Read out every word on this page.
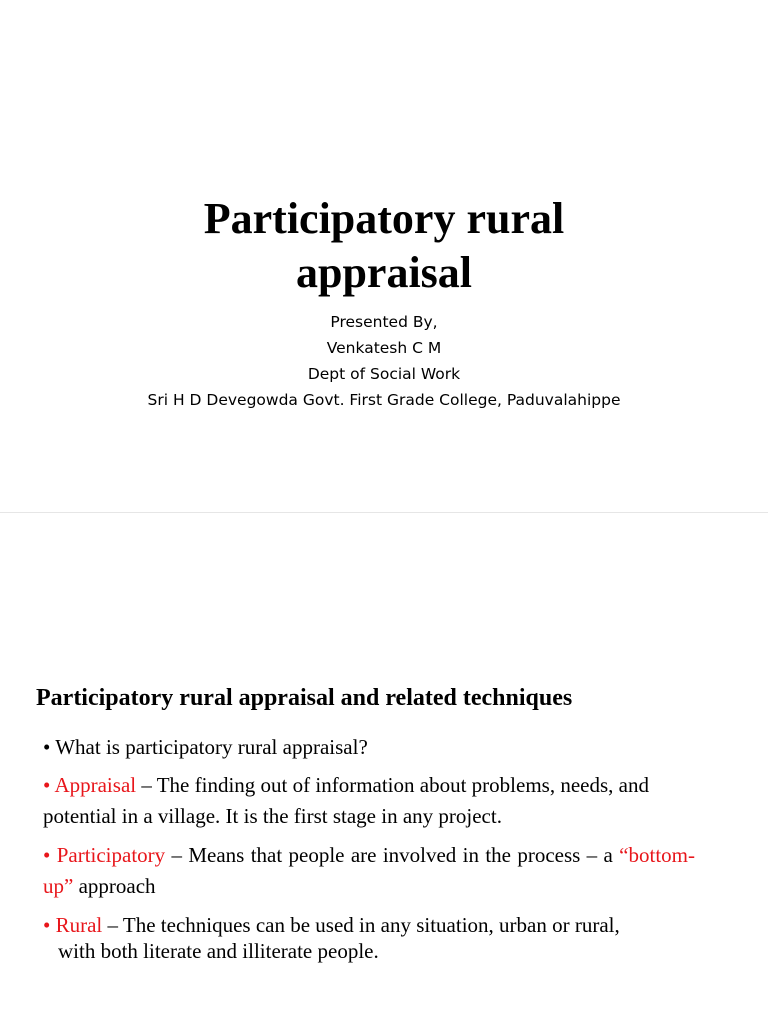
Participatory rural
appraisal
Presented By,
Venkatesh C M
Dept of Social Work
Sri H D Devegowda Govt. First Grade College, Paduvalahippe
Participatory rural appraisal and related techniques

• What is participatory rural appraisal?

• Appraisal – The finding out of information about problems, needs, and potential in a village. It is the first stage in any project.

• Participatory – Means that people are involved in the process – a “bottom-up” approach

• Rural – The techniques can be used in any situation, urban or rural,
with both literate and illiterate people.
